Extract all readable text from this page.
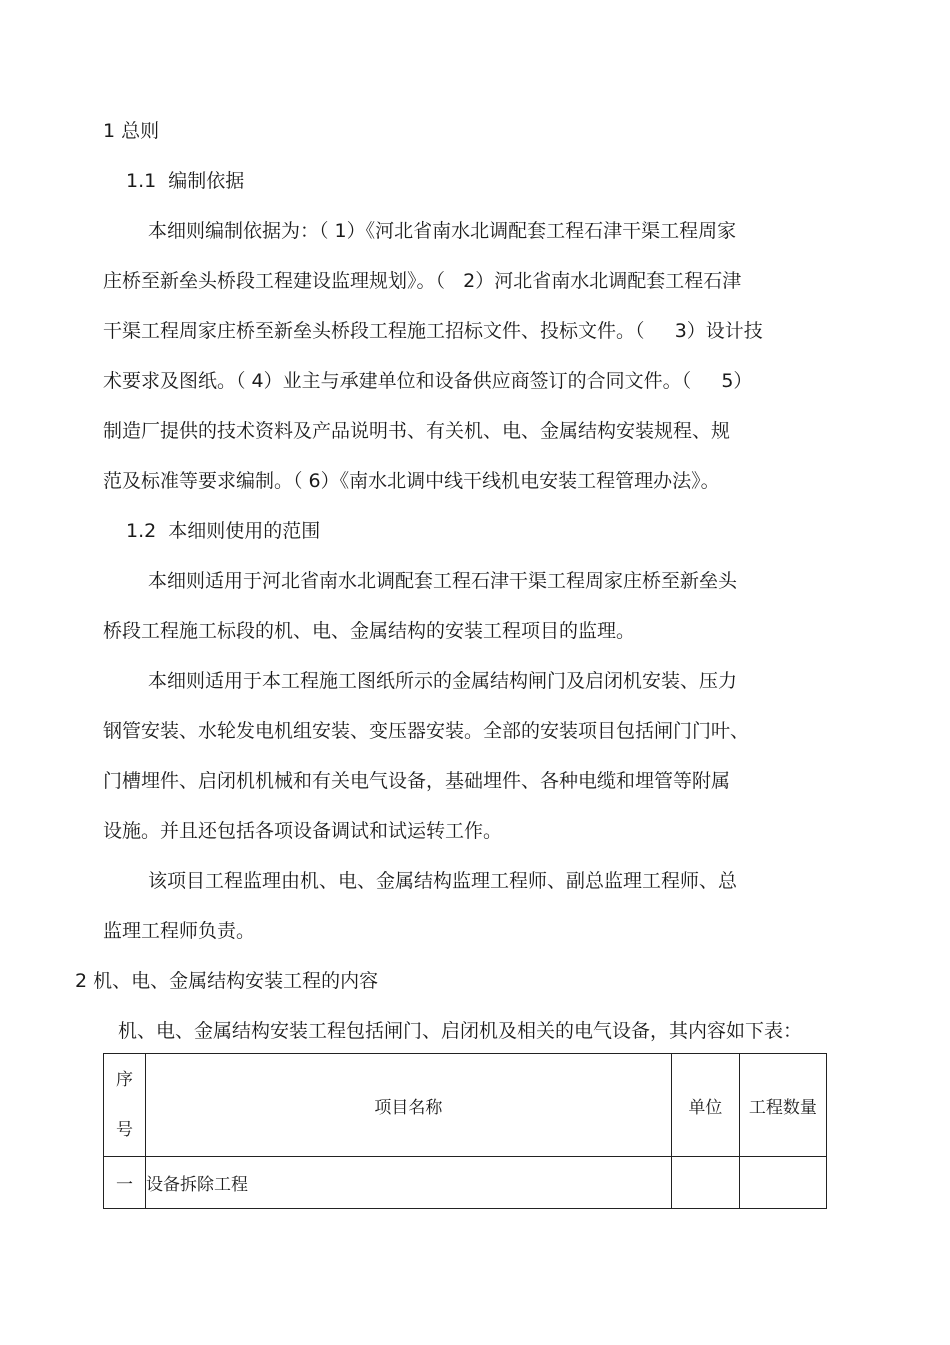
1 总则
1.1  编制依据
本细则编制依据为：（ 1）《河北省南水北调配套工程石津干渠工程周家
庄桥至新垒头桥段工程建设监理规划》。（   2）河北省南水北调配套工程石津
干渠工程周家庄桥至新垒头桥段工程施工招标文件、投标文件。（     3）设计技
术要求及图纸。（ 4）业主与承建单位和设备供应商签订的合同文件。（     5）
制造厂提供的技术资料及产品说明书、有关机、电、金属结构安装规程、规
范及标准等要求编制。（ 6）《南水北调中线干线机电安装工程管理办法》。
1.2  本细则使用的范围
本细则适用于河北省南水北调配套工程石津干渠工程周家庄桥至新垒头
桥段工程施工标段的机、电、金属结构的安装工程项目的监理。
本细则适用于本工程施工图纸所示的金属结构闸门及启闭机安装、压力
钢管安装、水轮发电机组安装、变压器安装。全部的安装项目包括闸门门叶、
门槽埋件、启闭机机械和有关电气设备，基础埋件、各种电缆和埋管等附属
设施。并且还包括各项设备调试和试运转工作。
该项目工程监理由机、电、金属结构监理工程师、副总监理工程师、总
监理工程师负责。
2 机、电、金属结构安装工程的内容
机、电、金属结构安装工程包括闸门、启闭机及相关的电气设备，其内容如下表：
序
号	项目名称	单位	工程数量
一	设备拆除工程		
